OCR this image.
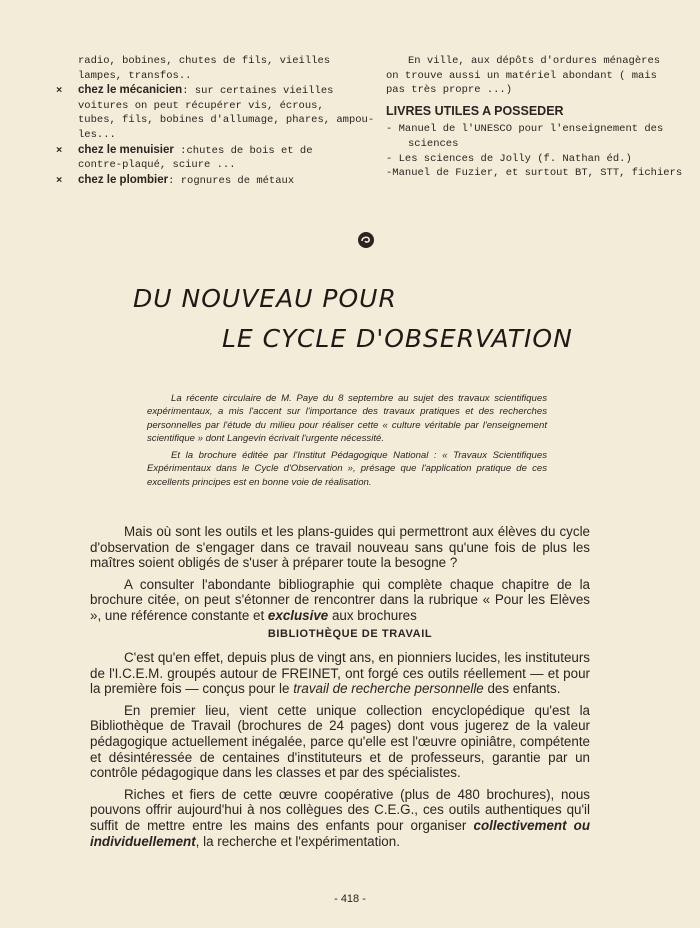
radio, bobines, chutes de fils, vieilles
lampes, transfos..
× chez le mécanicien: sur certaines vieilles
voitures on peut récupérer vis, écrous,
tubes, fils, bobines d'allumage, phares, ampou-
les...
× chez le menuisier :chutes de bois et de
contre-plaqué, sciure ...
× chez le plombier: rognures de métaux
En ville, aux dépôts d'ordures ménagères
on trouve aussi un matériel abondant ( mais
pas très propre ...)
LIVRES UTILES A POSSEDER
- Manuel de l'UNESCO pour l'enseignement des
sciences
- Les sciences de Jolly (f. Nathan éd.)
-Manuel de Fuzier, et surtout BT, STT, fichiers
DU NOUVEAU POUR
LE CYCLE D'OBSERVATION

La récente circulaire de M. Paye du 8 septembre au sujet des travaux scientifiques expérimentaux, a mis l'accent sur l'importance des travaux pratiques et des recherches personnelles par l'étude du milieu pour réaliser cette « culture véritable par l'enseignement scientifique » dont Langevin écrivait l'urgente nécessité.

Et la brochure éditée par l'Institut Pédagogique National : « Travaux Scientifiques Expérimentaux dans le Cycle d'Observation », présage que l'application pratique de ces excellents principes est en bonne voie de réalisation.

Mais où sont les outils et les plans-guides qui permettront aux élèves du cycle d'observation de s'engager dans ce travail nouveau sans qu'une fois de plus les maîtres soient obligés de s'user à préparer toute la besogne ?

A consulter l'abondante bibliographie qui complète chaque chapitre de la brochure citée, on peut s'étonner de rencontrer dans la rubrique « Pour les Elèves », une référence constante et exclusive aux brochures

BIBLIOTHÈQUE DE TRAVAIL

C'est qu'en effet, depuis plus de vingt ans, en pionniers lucides, les instituteurs de l'I.C.E.M. groupés autour de FREINET, ont forgé ces outils réellement — et pour la première fois — conçus pour le travail de recherche personnelle des enfants.

En premier lieu, vient cette unique collection encyclopédique qu'est la Bibliothèque de Travail (brochures de 24 pages) dont vous jugerez de la valeur pédagogique actuellement inégalée, parce qu'elle est l'œuvre opiniâtre, compétente et désintéressée de centaines d'instituteurs et de professeurs, garantie par un contrôle pédagogique dans les classes et par des spécialistes.

Riches et fiers de cette œuvre coopérative (plus de 480 brochures), nous pouvons offrir aujourd'hui à nos collègues des C.E.G., ces outils authentiques qu'il suffit de mettre entre les mains des enfants pour organiser collectivement ou individuellement, la recherche et l'expérimentation.

- 418 -
